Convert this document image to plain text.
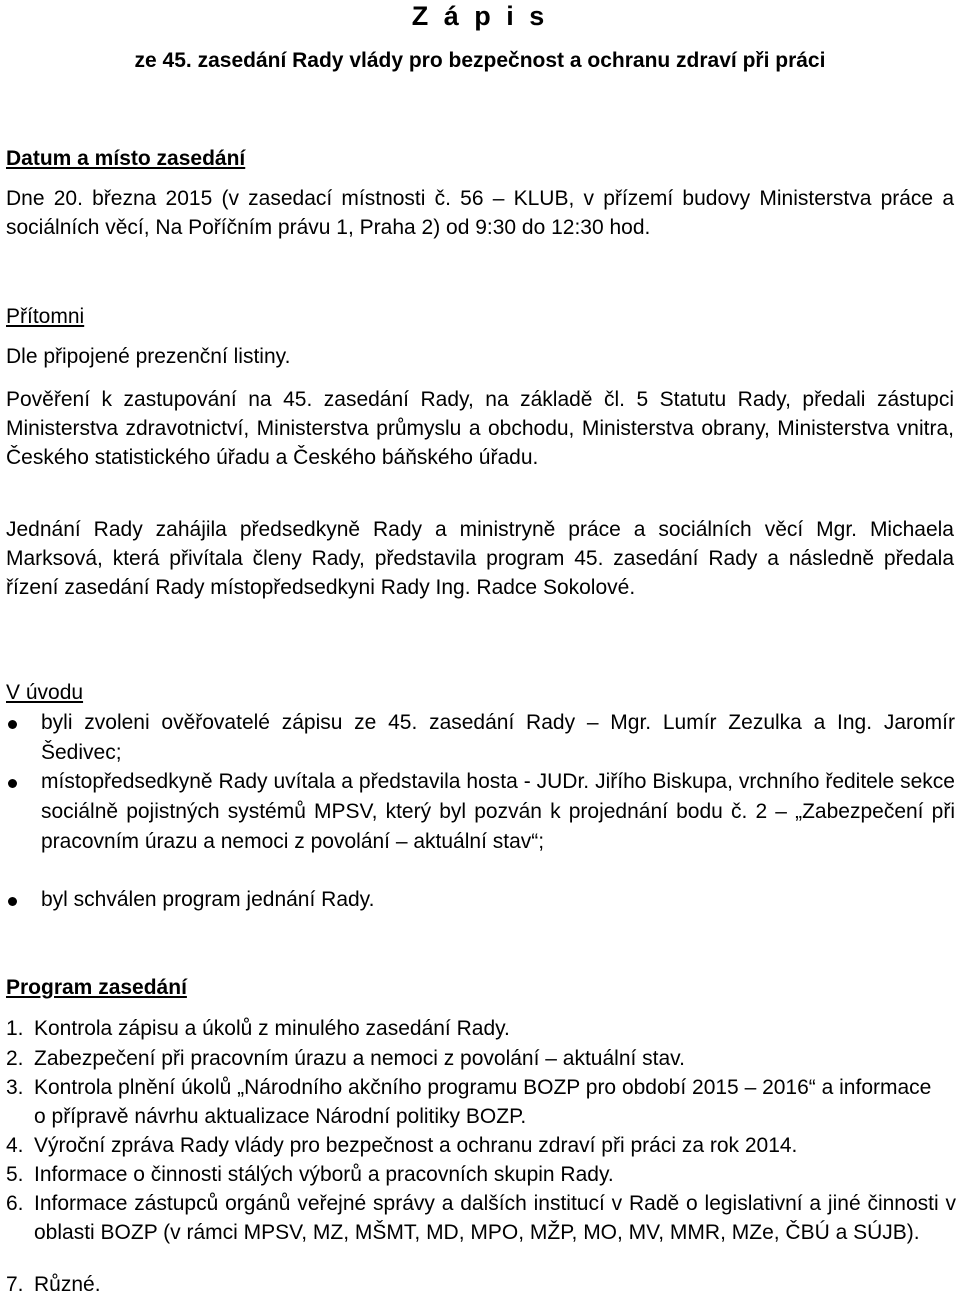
Z á p i s
ze 45. zasedání Rady vlády pro bezpečnost a ochranu zdraví při práci
Datum a místo zasedání
Dne 20. března 2015 (v zasedací místnosti č. 56 – KLUB, v přízemí budovy Ministerstva práce a sociálních věcí, Na Poříčním právu 1, Praha 2) od 9:30 do 12:30 hod.
Přítomni
Dle připojené prezenční listiny.
Pověření k zastupování na 45. zasedání Rady, na základě čl. 5 Statutu Rady, předali zástupci Ministerstva zdravotnictví, Ministerstva průmyslu a obchodu, Ministerstva obrany, Ministerstva vnitra, Českého statistického úřadu a Českého báňského úřadu.
Jednání Rady zahájila předsedkyně Rady a ministryně práce a sociálních věcí Mgr. Michaela Marksová, která přivítala členy Rady, představila program 45. zasedání Rady a následně předala řízení zasedání Rady místopředsedkyni Rady Ing. Radce Sokolové.
V úvodu
byli zvoleni ověřovatelé zápisu ze 45. zasedání Rady – Mgr. Lumír Zezulka a Ing. Jaromír Šedivec;
místopředsedkyně Rady uvítala a představila hosta - JUDr. Jiřího Biskupa, vrchního ředitele sekce sociálně pojistných systémů MPSV, který byl pozván k projednání bodu č. 2 – „Zabezpečení při pracovním úrazu a nemoci z povolání – aktuální stav“;
byl schválen program jednání Rady.
Program zasedání
1. Kontrola zápisu a úkolů z minulého zasedání Rady.
2. Zabezpečení při pracovním úrazu a nemoci z povolání – aktuální stav.
3. Kontrola plnění úkolů „Národního akčního programu BOZP pro období 2015 – 2016“ a informace o přípravě návrhu aktualizace Národní politiky BOZP.
4. Výroční zpráva Rady vlády pro bezpečnost a ochranu zdraví při práci za rok 2014.
5. Informace o činnosti stálých výborů a pracovních skupin Rady.
6. Informace zástupců orgánů veřejné správy a dalších institucí v Radě o legislativní a jiné činnosti v oblasti BOZP (v rámci MPSV, MZ, MŠMT, MD, MPO, MŽP, MO, MV, MMR, MZe, ČBÚ a SÚJB).
7. Různé.
